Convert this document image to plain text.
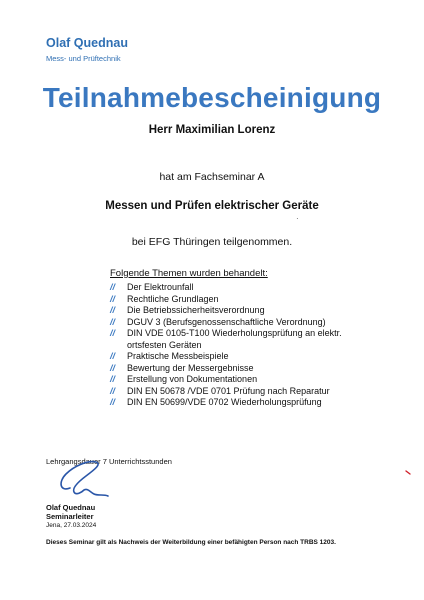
Olaf Quednau
Mess- und Prüftechnik
Teilnahmebescheinigung
Herr Maximilian Lorenz
hat am Fachseminar A
Messen und Prüfen elektrischer Geräte
·
bei EFG Thüringen teilgenommen.
Folgende Themen wurden behandelt:
// Der Elektrounfall
// Rechtliche Grundlagen
// Die Betriebssicherheitsverordnung
// DGUV 3 (Berufsgenossenschaftliche Verordnung)
// DIN VDE 0105-T100 Wiederholungsprüfung an elektr. ortsfesten Geräten
// Praktische Messbeispiele
// Bewertung der Messergebnisse
// Erstellung von Dokumentationen
// DIN EN 50678 /VDE 0701 Prüfung nach Reparatur
// DIN EN 50699/VDE 0702 Wiederholungsprüfung
Lehrgangsdauer 7 Unterrichtsstunden
Olaf Quednau
Seminarleiter
Jena, 27.03.2024
Dieses Seminar gilt als Nachweis der Weiterbildung einer befähigten Person nach TRBS 1203.
